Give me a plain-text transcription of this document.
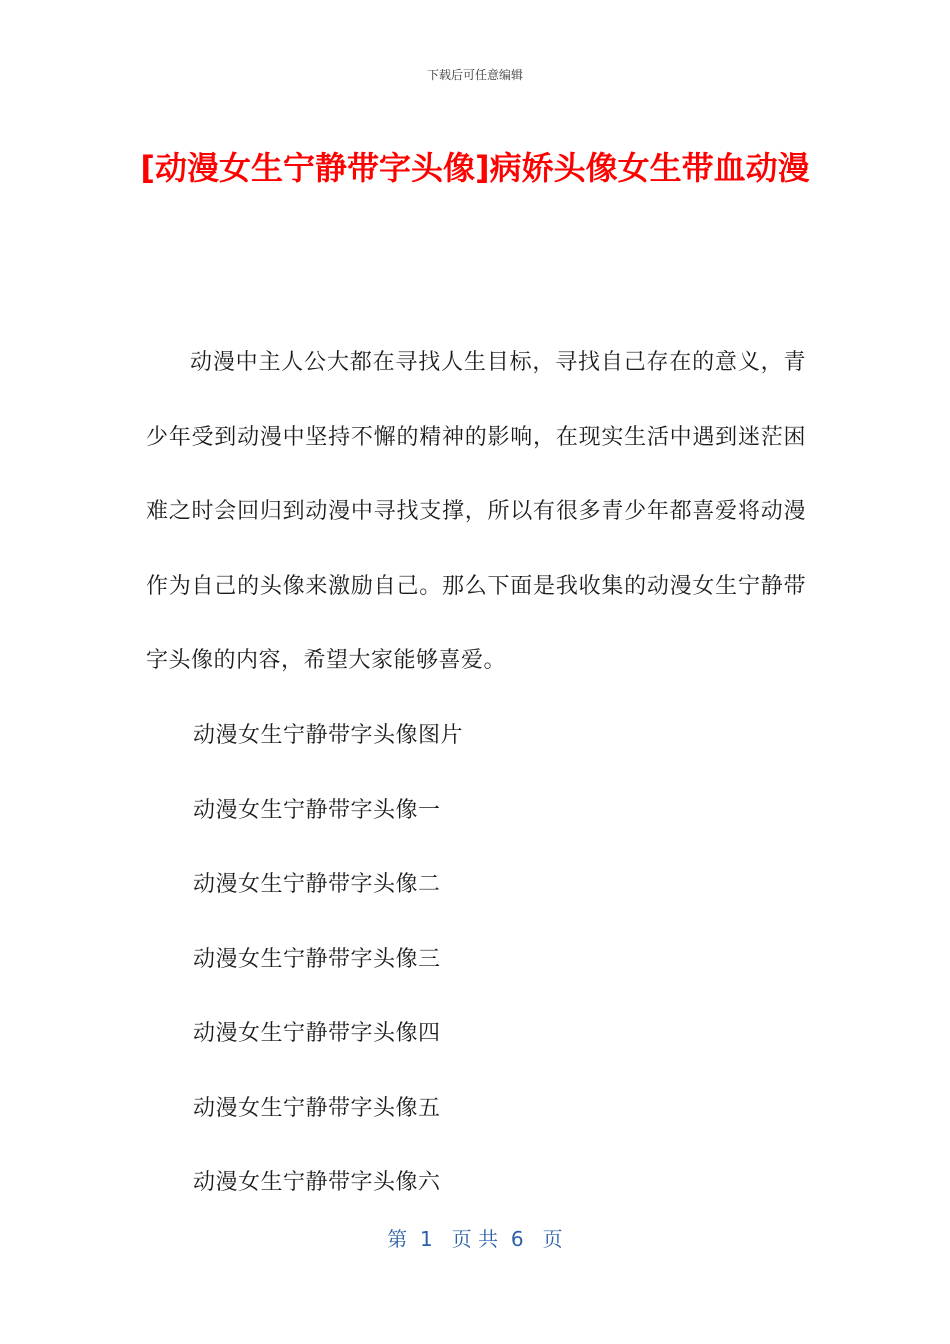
下载后可任意编辑
[动漫女生宁静带字头像]病娇头像女生带血动漫

动漫中主人公大都在寻找人生目标，寻找自己存在的意义，青少年受到动漫中坚持不懈的精神的影响，在现实生活中遇到迷茫困难之时会回归到动漫中寻找支撑，所以有很多青少年都喜爱将动漫作为自己的头像来激励自己。那么下面是我收集的动漫女生宁静带字头像的内容，希望大家能够喜爱。

动漫女生宁静带字头像图片
动漫女生宁静带字头像一
动漫女生宁静带字头像二
动漫女生宁静带字头像三
动漫女生宁静带字头像四
动漫女生宁静带字头像五
动漫女生宁静带字头像六
第  1   页 共  6   页
